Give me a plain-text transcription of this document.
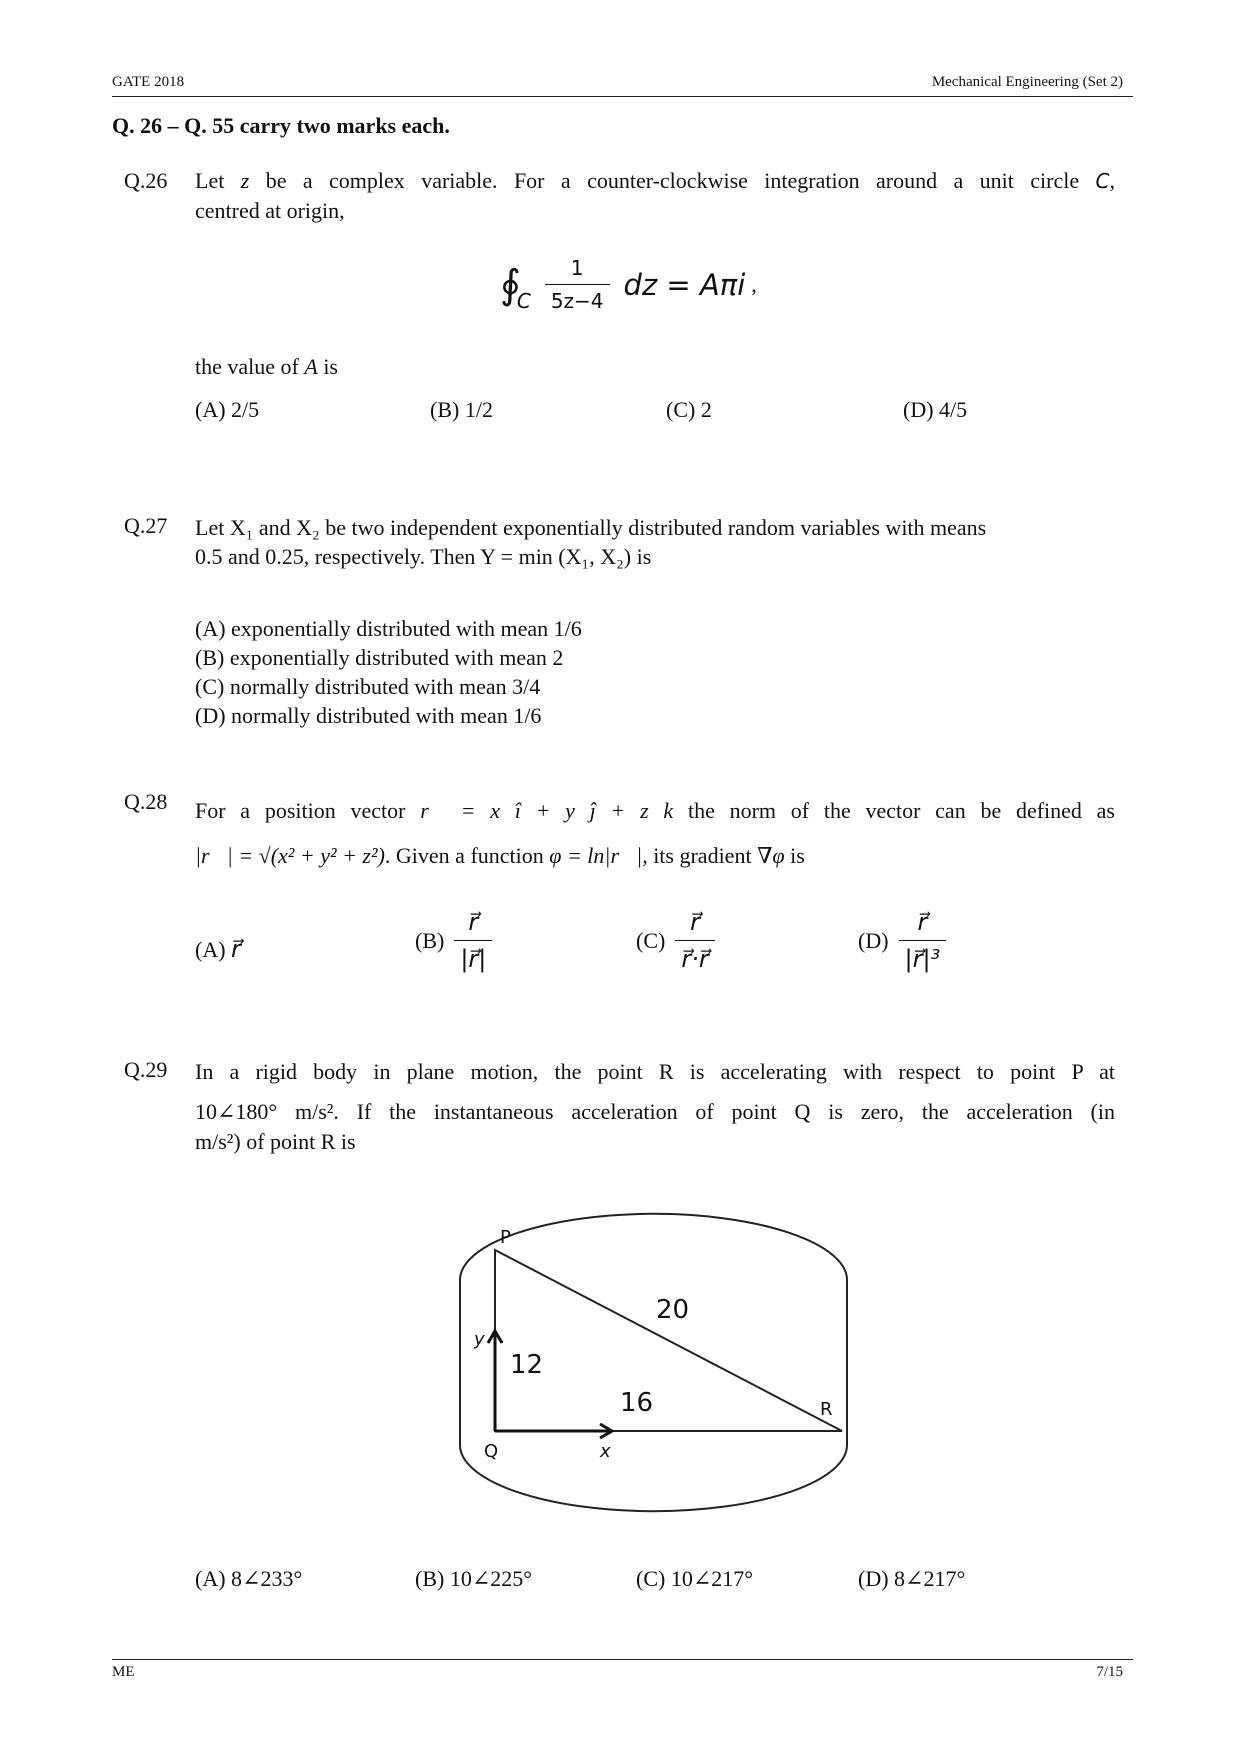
GATE 2018	Mechanical Engineering (Set 2)
Q. 26 – Q. 55 carry two marks each.
Q.26 Let z be a complex variable. For a counter-clockwise integration around a unit circle C,
centred at origin,
∮
C $\frac{1}{5z-4}$ dz = Aπi ,
the value of A is
(A) 2/5	(B) 1/2	(C) 2	(D) 4/5
Q.27 Let X₁ and X₂ be two independent exponentially distributed random variables with means
0.5 and 0.25, respectively. Then Y = min (X₁, X₂) is
(A) exponentially distributed with mean 1/6
(B) exponentially distributed with mean 2
(C) normally distributed with mean 3/4
(D) normally distributed with mean 1/6
Q.28 For a position vector r⃗ = x î + y ĵ + z k the norm of the vector can be defined as
|r⃗| = √(x² + y² + z²). Given a function φ = ln|r⃗|, its gradient ∇φ is
(A) r⃗	$(B) \frac{r⃗}{|r⃗|}$	$(C) \frac{r⃗}{r⃗\cdot r⃗}$	$(D) \frac{r⃗}{\text{|r⃗|³}}$
Q.29 In a rigid body in plane motion, the point R is accelerating with respect to point P at
10∠180° m/s². If the instantaneous acceleration of point Q is zero, the acceleration (in
m/s²) of point R is
P
Q
R
x
y
20
12
16
(A) 8∠233°	(B) 10∠225°	(C) 10∠217°	(D) 8∠217°
ME	7/15
